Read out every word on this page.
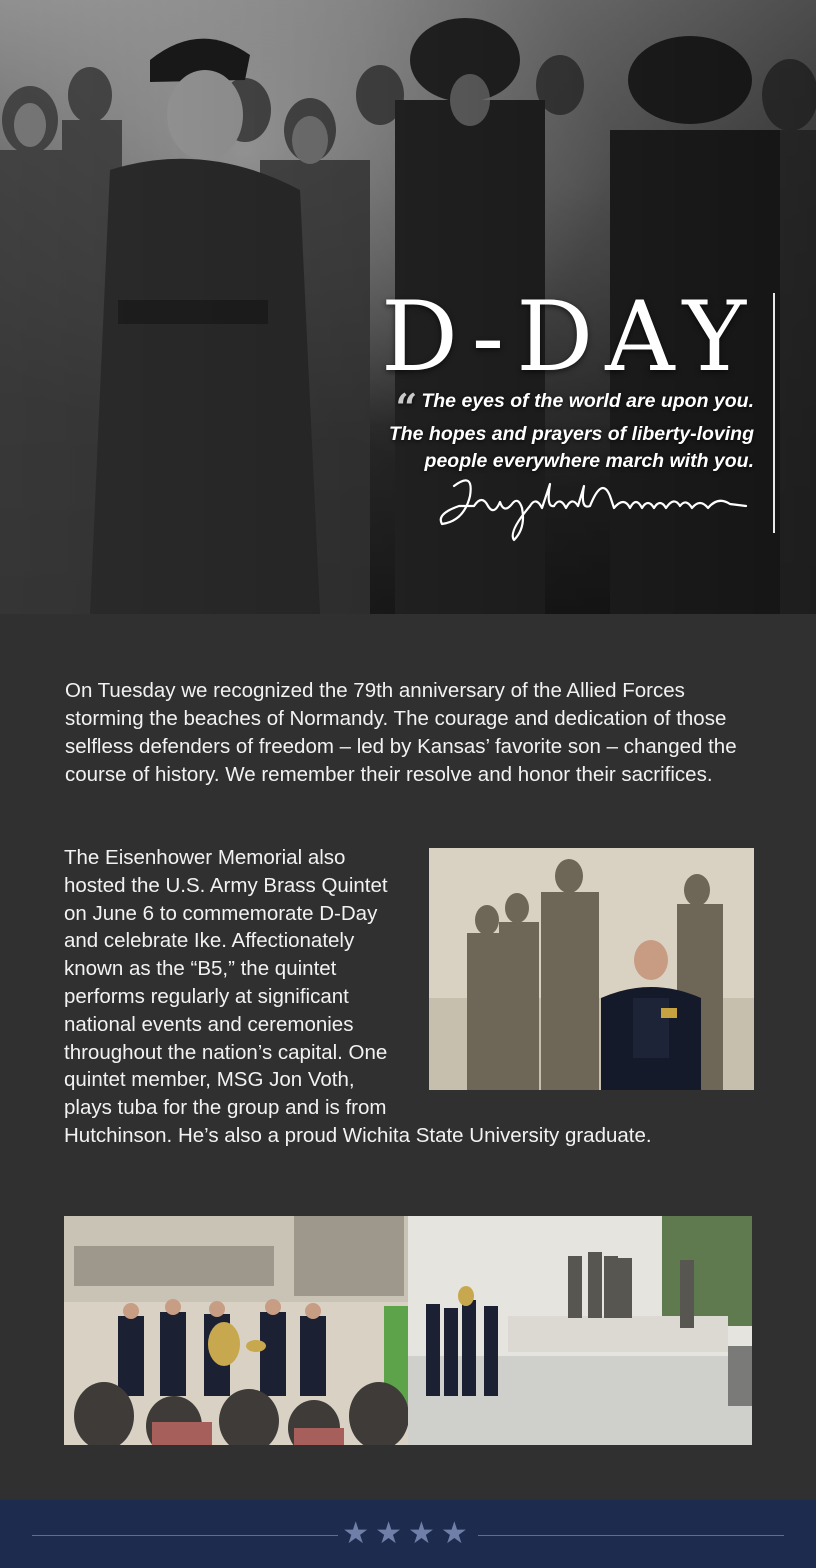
D-DAY
“ The eyes of the world are upon you.
The hopes and prayers of liberty-loving
people everywhere march with you.

On Tuesday we recognized the 79th anniversary of the Allied Forces storming the beaches of Normandy. The courage and dedication of those selfless defenders of freedom – led by Kansas’ favorite son – changed the course of history. We remember their resolve and honor their sacrifices.

The Eisenhower Memorial also hosted the U.S. Army Brass Quintet on June 6 to commemorate D-Day and celebrate Ike. Affectionately known as the “B5,” the quintet performs regularly at significant national events and ceremonies throughout the nation’s capital. One quintet member, MSG Jon Voth, plays tuba for the group and is from Hutchinson. He’s also a proud Wichita State University graduate.
★★★★
